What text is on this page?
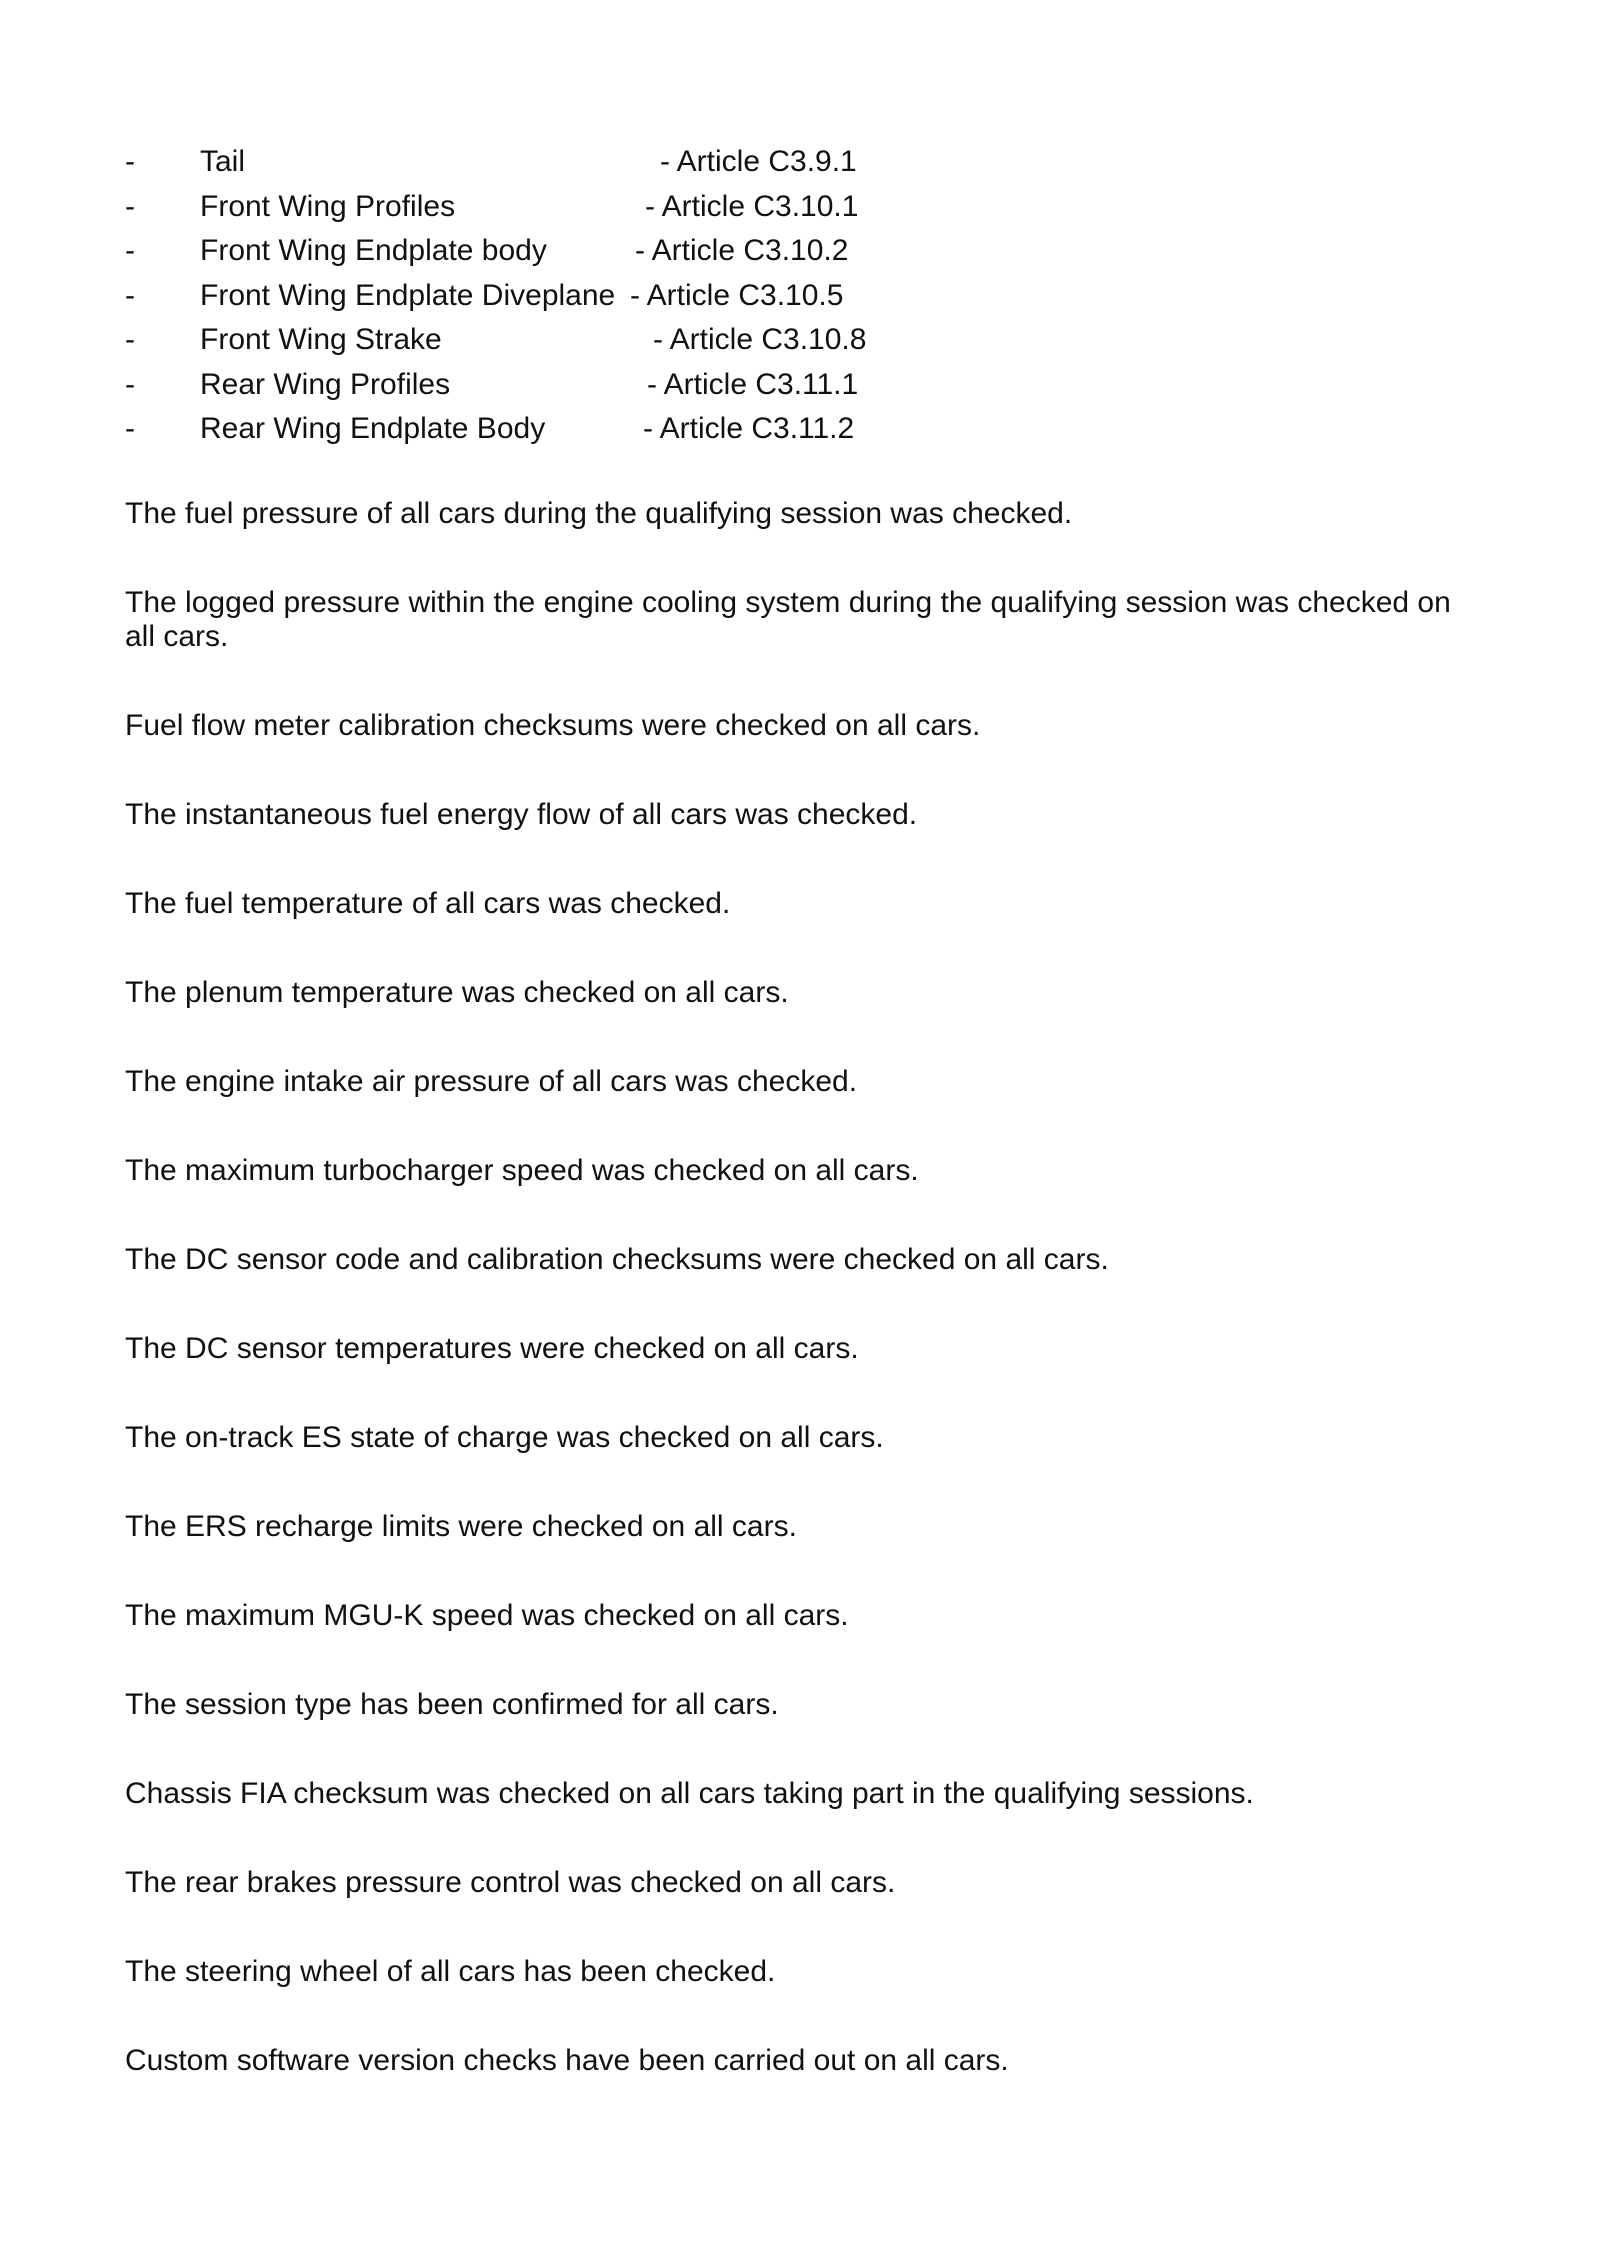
- Tail	- Article C3.9.1
- Front Wing Profiles	- Article C3.10.1
- Front Wing Endplate body	- Article C3.10.2
- Front Wing Endplate Diveplane - Article C3.10.5
- Front Wing Strake	- Article C3.10.8
- Rear Wing Profiles	- Article C3.11.1
- Rear Wing Endplate Body	- Article C3.11.2

The fuel pressure of all cars during the qualifying session was checked.

The logged pressure within the engine cooling system during the qualifying session was checked on all cars.

Fuel flow meter calibration checksums were checked on all cars.

The instantaneous fuel energy flow of all cars was checked.

The fuel temperature of all cars was checked.

The plenum temperature was checked on all cars.

The engine intake air pressure of all cars was checked.

The maximum turbocharger speed was checked on all cars.

The DC sensor code and calibration checksums were checked on all cars.

The DC sensor temperatures were checked on all cars.

The on-track ES state of charge was checked on all cars.

The ERS recharge limits were checked on all cars.

The maximum MGU-K speed was checked on all cars.

The session type has been confirmed for all cars.

Chassis FIA checksum was checked on all cars taking part in the qualifying sessions.

The rear brakes pressure control was checked on all cars.

The steering wheel of all cars has been checked.

Custom software version checks have been carried out on all cars.
